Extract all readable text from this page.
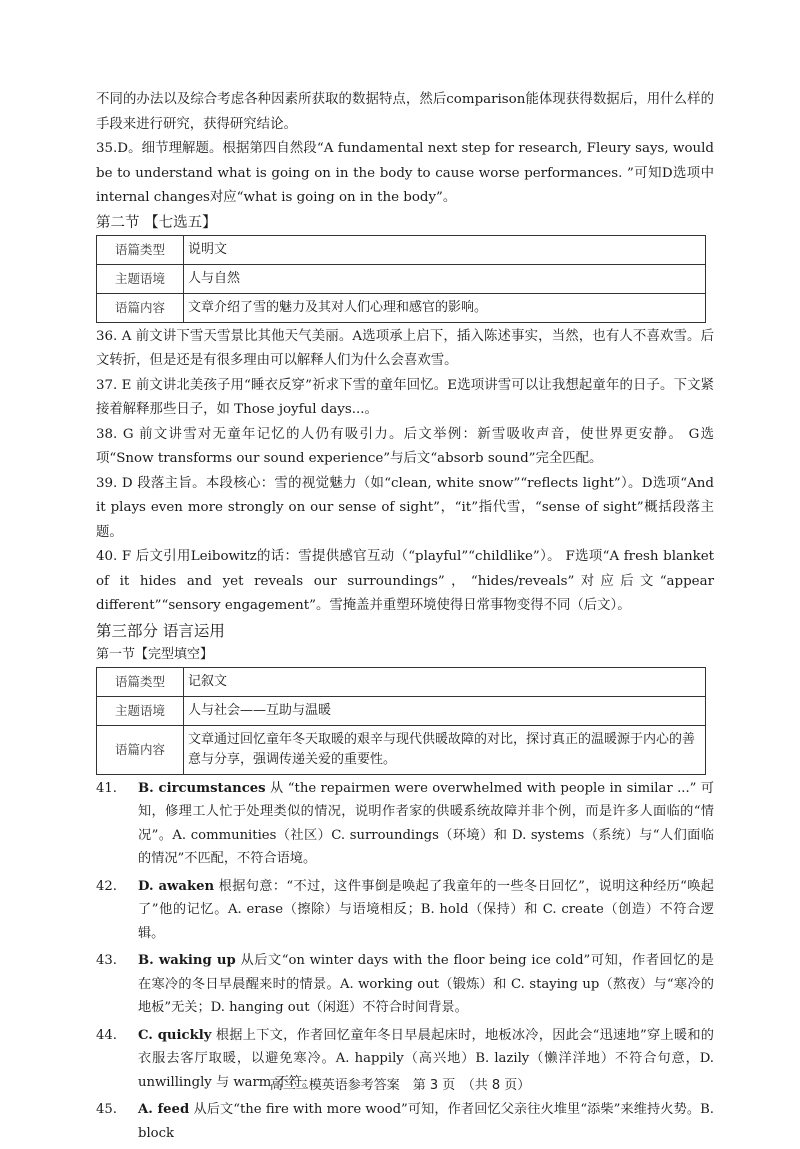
不同的办法以及综合考虑各种因素所获取的数据特点，然后comparison能体现获得数据后，用什么样的手段来进行研究，获得研究结论。

35.D。细节理解题。根据第四自然段“A fundamental next step for research, Fleury says, would be to understand what is going on in the body to cause worse performances. ”可知D选项中internal changes对应“what is going on in the body”。

第二节 【七选五】

语篇类型	说明文
主题语境	人与自然
语篇内容	文章介绍了雪的魅力及其对人们心理和感官的影响。

36. A 前文讲下雪天雪景比其他天气美丽。A选项承上启下，插入陈述事实，当然，也有人不喜欢雪。后文转折，但是还是有很多理由可以解释人们为什么会喜欢雪。

37. E 前文讲北美孩子用“睡衣反穿”祈求下雪的童年回忆。E选项讲雪可以让我想起童年的日子。下文紧接着解释那些日子，如 Those joyful days...。

38. G 前文讲雪对无童年记忆的人仍有吸引力。后文举例：新雪吸收声音，使世界更安静。 G选项“Snow transforms our sound experience”与后文“absorb sound”完全匹配。

39. D 段落主旨。本段核心：雪的视觉魅力（如“clean, white snow”“reflects light”）。D选项“And it plays even more strongly on our sense of sight”，“it”指代雪，“sense of sight”概括段落主题。

40. F 后文引用Leibowitz的话：雪提供感官互动（“playful”“childlike”）。 F选项“A fresh blanket of it hides and yet reveals our surroundings”，“hides/reveals”对应后文“appear different”“sensory engagement”。雪掩盖并重塑环境使得日常事物变得不同（后文）。

第三部分 语言运用

第一节【完型填空】

语篇类型	记叙文
主题语境	人与社会——互助与温暖
语篇内容	文章通过回忆童年冬天取暖的艰辛与现代供暖故障的对比，探讨真正的温暖源于内心的善意与分享，强调传递关爱的重要性。
41.	B. circumstances 从 “the repairmen were overwhelmed with people in similar ...” 可知，修理工人忙于处理类似的情况，说明作者家的供暖系统故障并非个例，而是许多人面临的“情况”。A. communities（社区）C. surroundings（环境）和 D. systems（系统）与“人们面临的情况”不匹配，不符合语境。
42.	D. awaken 根据句意：“不过，这件事倒是唤起了我童年的一些冬日回忆”，说明这种经历“唤起了”他的记忆。A. erase（擦除）与语境相反；B. hold（保持）和 C. create（创造）不符合逻辑。
43.	B. waking up 从后文“on winter days with the floor being ice cold”可知，作者回忆的是在寒冷的冬日早晨醒来时的情景。A. working out（锻炼）和 C. staying up（熬夜）与“寒冷的地板”无关；D. hanging out（闲逛）不符合时间背景。
44.	C. quickly 根据上下文，作者回忆童年冬日早晨起床时，地板冰冷，因此会“迅速地”穿上暖和的衣服去客厅取暖，以避免寒冷。A. happily（高兴地）B. lazily（懒洋洋地）不符合句意，D. unwillingly 与 warm 不符。
45.	A. feed 从后文“the fire with more wood”可知，作者回忆父亲往火堆里“添柴”来维持火势。B. block
高三二模英语参考答案　第 3 页　（共 8 页）
